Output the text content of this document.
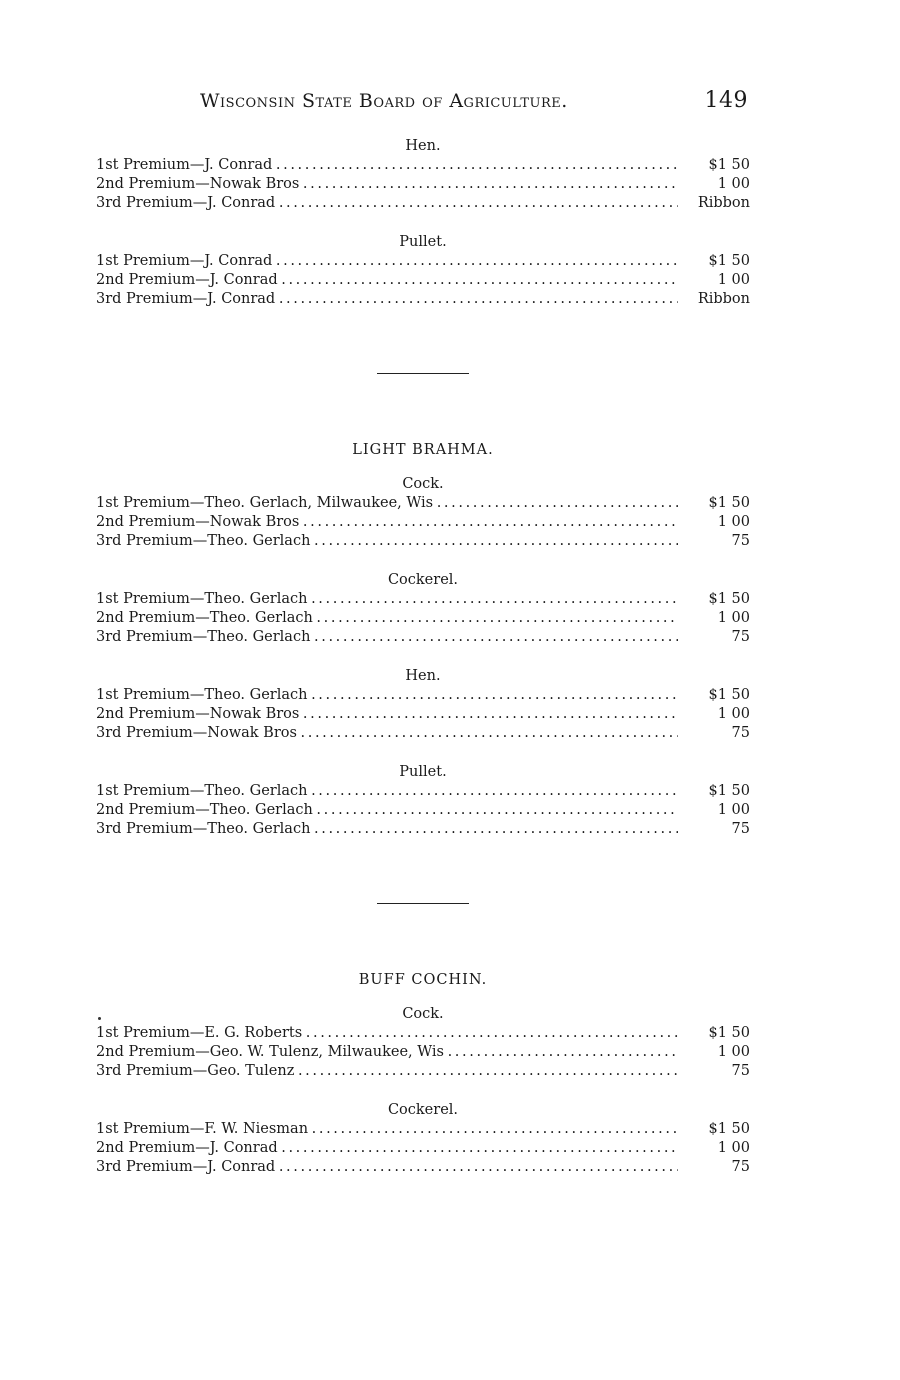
Wisconsin State Board of Agriculture.	149
Hen.
1st Premium—J. Conrad . . .	$1 50
2nd Premium—Nowak Bros . . .	1 00
3rd Premium—J. Conrad . . .	Ribbon
Pullet.
1st Premium—J. Conrad . . .	$1 50
2nd Premium—J. Conrad . . .	1 00
3rd Premium—J. Conrad . . .	Ribbon
LIGHT BRAHMA.
Cock.
1st Premium—Theo. Gerlach, Milwaukee, Wis . . .	$1 50
2nd Premium—Nowak Bros . . .	1 00
3rd Premium—Theo. Gerlach . . .	75
Cockerel.
1st Premium—Theo. Gerlach . . .	$1 50
2nd Premium—Theo. Gerlach . . .	1 00
3rd Premium—Theo. Gerlach . . .	75
Hen.
1st Premium—Theo. Gerlach . . .	$1 50
2nd Premium—Nowak Bros . . .	1 00
3rd Premium—Nowak Bros . . .	75
Pullet.
1st Premium—Theo. Gerlach . . .	$1 50
2nd Premium—Theo. Gerlach . . .	1 00
3rd Premium—Theo. Gerlach . . .	75
BUFF COCHIN.
Cock.
1st Premium—E. G. Roberts . . .	$1 50
2nd Premium—Geo. W. Tulenz, Milwaukee, Wis . . .	1 00
3rd Premium—Geo. Tulenz . . .	75
Cockerel.
1st Premium—F. W. Niesman . . .	$1 50
2nd Premium—J. Conrad . . .	1 00
3rd Premium—J. Conrad . . .	75
